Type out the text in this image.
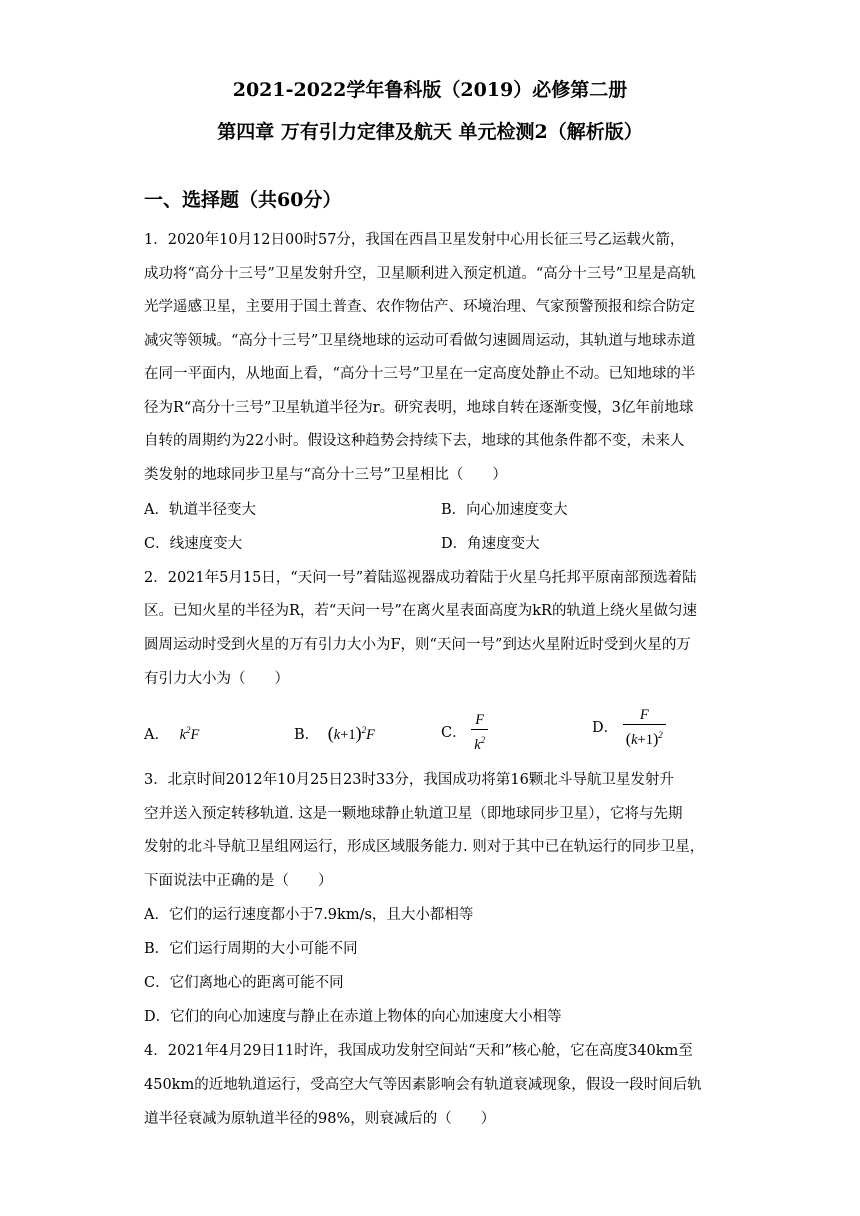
2021-2022学年鲁科版（2019）必修第二册
第四章 万有引力定律及航天 单元检测2（解析版）
一、选择题（共60分）
1．2020年10月12日00时57分，我国在西昌卫星发射中心用长征三号乙运载火箭，
成功将“高分十三号”卫星发射升空，卫星顺利进入预定机道。“高分十三号”卫星是高轨
光学遥感卫星，主要用于国土普查、农作物估产、环境治理、气家预警预报和综合防定
减灾等领城。“高分十三号”卫星绕地球的运动可看做匀速圆周运动，其轨道与地球赤道
在同一平面内，从地面上看，“高分十三号”卫星在一定高度处静止不动。已知地球的半
径为R“高分十三号”卫星轨道半径为r。研究表明，地球自转在逐渐变慢，3亿年前地球
自转的周期约为22小时。假设这种趋势会持续下去，地球的其他条件都不变，未来人
类发射的地球同步卫星与“高分十三号”卫星相比（　　）
A．轨道半径变大	B．向心加速度变大
C．线速度变大	D．角速度变大
2．2021年5月15日，“天问一号”着陆巡视器成功着陆于火星乌托邦平原南部预选着陆
区。已知火星的半径为R，若“天问一号”在离火星表面高度为kR的轨道上绕火星做匀速
圆周运动时受到火星的万有引力大小为F，则“天问一号”到达火星附近时受到火星的万
有引力大小为（　　）
A． $k^2F$	B． $(k+1)^2F$	C． $\frac{F}{k^2}$	D． $\frac{F}{(k+1)^2}$
3．北京时间2012年10月25日23时33分，我国成功将第16颗北斗导航卫星发射升
空并送入预定转移轨道. 这是一颗地球静止轨道卫星（即地球同步卫星），它将与先期
发射的北斗导航卫星组网运行，形成区域服务能力. 则对于其中已在轨运行的同步卫星，
下面说法中正确的是（　　）
A．它们的运行速度都小于7.9km/s，且大小都相等
B．它们运行周期的大小可能不同
C．它们离地心的距离可能不同
D．它们的向心加速度与静止在赤道上物体的向心加速度大小相等
4．2021年4月29日11时许，我国成功发射空间站“天和”核心舱，它在高度340km至
450km的近地轨道运行，受高空大气等因素影响会有轨道衰减现象，假设一段时间后轨
道半径衰减为原轨道半径的98%，则衰减后的（　　）
